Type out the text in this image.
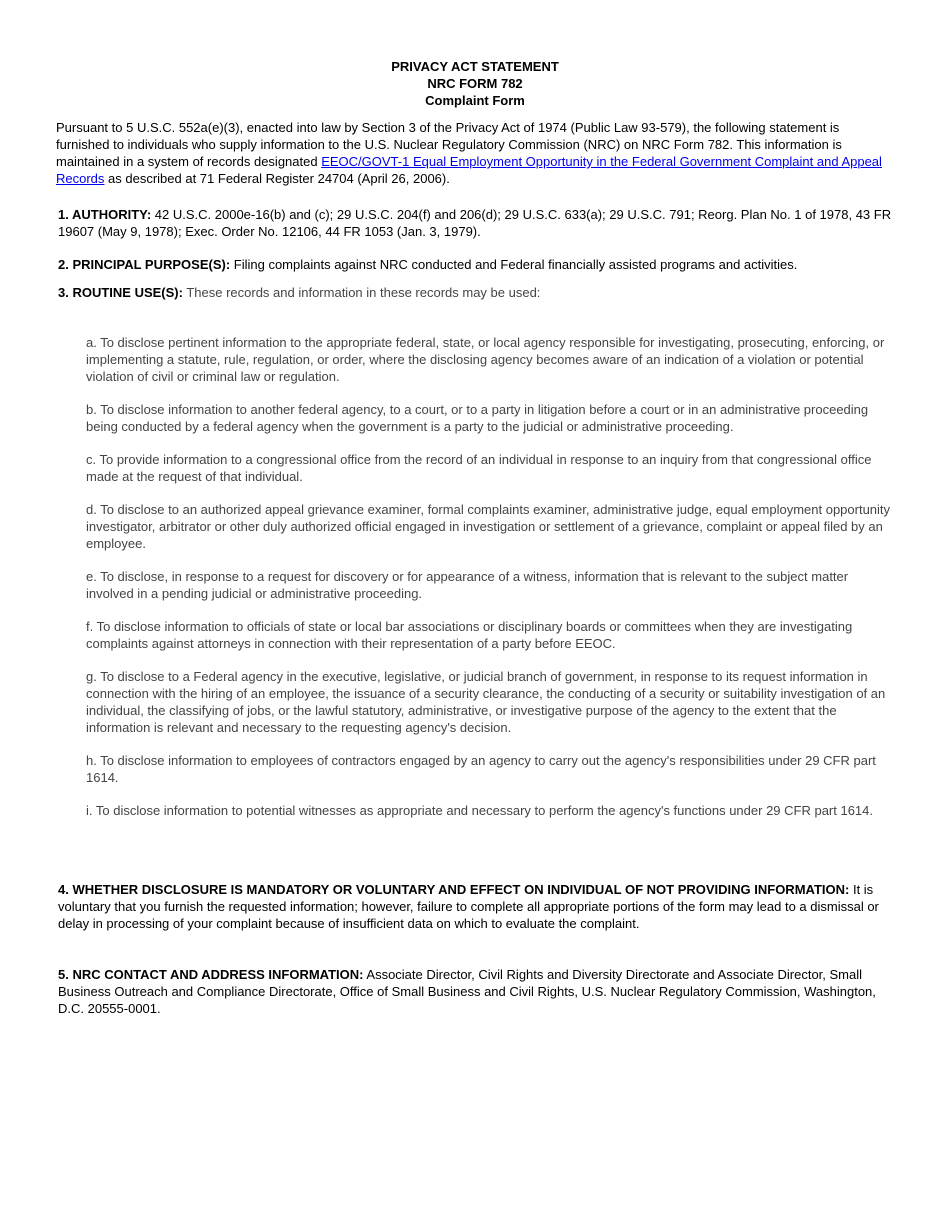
PRIVACY ACT STATEMENT
NRC FORM 782
Complaint Form
Pursuant to 5 U.S.C. 552a(e)(3), enacted into law by Section 3 of the Privacy Act of 1974 (Public Law 93-579), the following statement is furnished to individuals who supply information to the U.S. Nuclear Regulatory Commission (NRC) on NRC Form 782. This information is maintained in a system of records designated EEOC/GOVT-1 Equal Employment Opportunity in the Federal Government Complaint and Appeal Records as described at 71 Federal Register 24704 (April 26, 2006).
1. AUTHORITY: 42 U.S.C. 2000e-16(b) and (c); 29 U.S.C. 204(f) and 206(d); 29 U.S.C. 633(a); 29 U.S.C. 791; Reorg. Plan No. 1 of 1978, 43 FR 19607 (May 9, 1978); Exec. Order No. 12106, 44 FR 1053 (Jan. 3, 1979).
2. PRINCIPAL PURPOSE(S): Filing complaints against NRC conducted and Federal financially assisted programs and activities.
3. ROUTINE USE(S): These records and information in these records may be used:
a. To disclose pertinent information to the appropriate federal, state, or local agency responsible for investigating, prosecuting, enforcing, or implementing a statute, rule, regulation, or order, where the disclosing agency becomes aware of an indication of a violation or potential violation of civil or criminal law or regulation.
b. To disclose information to another federal agency, to a court, or to a party in litigation before a court or in an administrative proceeding being conducted by a federal agency when the government is a party to the judicial or administrative proceeding.
c. To provide information to a congressional office from the record of an individual in response to an inquiry from that congressional office made at the request of that individual.
d. To disclose to an authorized appeal grievance examiner, formal complaints examiner, administrative judge, equal employment opportunity investigator, arbitrator or other duly authorized official engaged in investigation or settlement of a grievance, complaint or appeal filed by an employee.
e. To disclose, in response to a request for discovery or for appearance of a witness, information that is relevant to the subject matter involved in a pending judicial or administrative proceeding.
f. To disclose information to officials of state or local bar associations or disciplinary boards or committees when they are investigating complaints against attorneys in connection with their representation of a party before EEOC.
g. To disclose to a Federal agency in the executive, legislative, or judicial branch of government, in response to its request information in connection with the hiring of an employee, the issuance of a security clearance, the conducting of a security or suitability investigation of an individual, the classifying of jobs, or the lawful statutory, administrative, or investigative purpose of the agency to the extent that the information is relevant and necessary to the requesting agency's decision.
h. To disclose information to employees of contractors engaged by an agency to carry out the agency's responsibilities under 29 CFR part 1614.
i. To disclose information to potential witnesses as appropriate and necessary to perform the agency's functions under 29 CFR part 1614.
4. WHETHER DISCLOSURE IS MANDATORY OR VOLUNTARY AND EFFECT ON INDIVIDUAL OF NOT PROVIDING INFORMATION: It is voluntary that you furnish the requested information; however, failure to complete all appropriate portions of the form may lead to a dismissal or delay in processing of your complaint because of insufficient data on which to evaluate the complaint.
5. NRC CONTACT AND ADDRESS INFORMATION: Associate Director, Civil Rights and Diversity Directorate and Associate Director, Small Business Outreach and Compliance Directorate, Office of Small Business and Civil Rights, U.S. Nuclear Regulatory Commission, Washington, D.C. 20555-0001.
